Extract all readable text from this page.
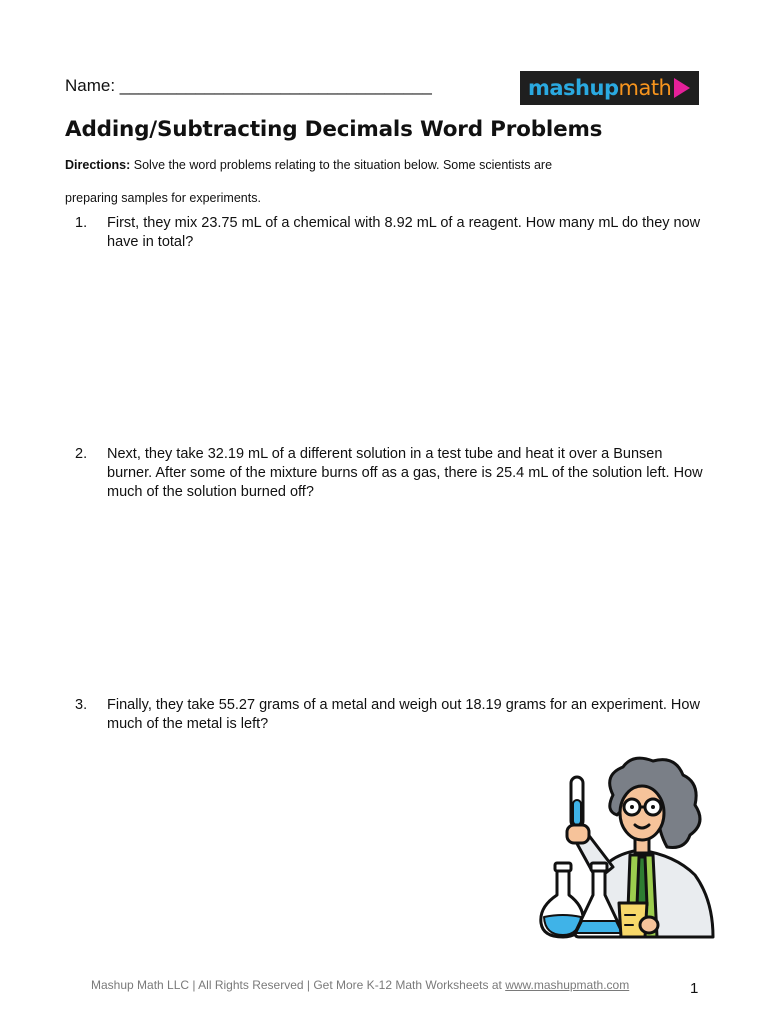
Name: _________________________________	mashupmath
Adding/Subtracting Decimals Word Problems
Directions: Solve the word problems relating to the situation below. Some scientists are
preparing samples for experiments.
1. First, they mix 23.75 mL of a chemical with 8.92 mL of a reagent. How many mL do they now have in total?
2. Next, they take 32.19 mL of a different solution in a test tube and heat it over a Bunsen burner. After some of the mixture burns off as a gas, there is 25.4 mL of the solution left. How much of the solution burned off?
3. Finally, they take 55.27 grams of a metal and weigh out 18.19 grams for an experiment. How much of the metal is left?
Mashup Math LLC | All Rights Reserved | Get More K-12 Math Worksheets at www.mashupmath.com	1
